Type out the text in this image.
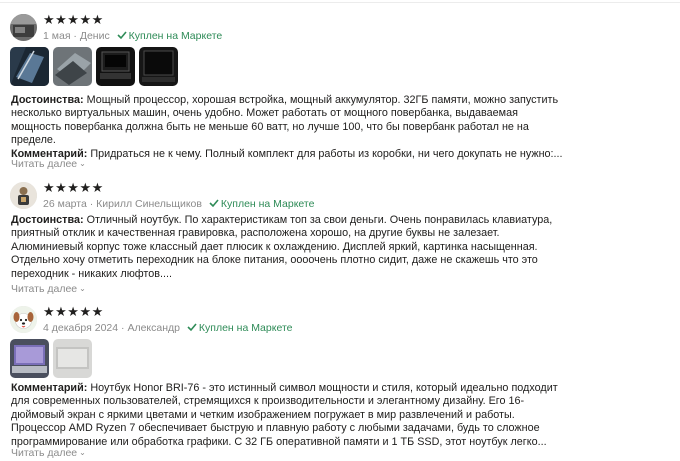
★★★★★
1 мая · Денис Куплен на Маркете
Достоинства: Мощный процессор, хорошая встройка, мощный аккумулятор. 32ГБ памяти, можно запустить
несколько виртуальных машин, очень удобно. Может работать от мощного повербанка, выдаваемая
мощность повербанка должна быть не меньше 60 ватт, но лучше 100, что бы повербанк работал не на
пределе.
Комментарий: Придраться не к чему. Полный комплект для работы из коробки, ни чего докупать не нужно:...
Читать далее ⌄
★★★★★
26 марта · Кирилл Синельщиков Куплен на Маркете
Достоинства: Отличный ноутбук. По характеристикам топ за свои деньги. Очень понравилась клавиатура,
приятный отклик и качественная гравировка, расположена хорошо, на другие буквы не залезает.
Алюминиевый корпус тоже классный дает плюсик к охлаждению. Дисплей яркий, картинка насыщенная.
Отдельно хочу отметить переходник на блоке питания, оооочень плотно сидит, даже не скажешь что это
переходник - никаких люфтов....
Читать далее ⌄
★★★★★
4 декабря 2024 · Александр Куплен на Маркете
Комментарий: Ноутбук Honor BRI-76 - это истинный символ мощности и стиля, который идеально подходит
для современных пользователей, стремящихся к производительности и элегантному дизайну. Его 16-
дюймовый экран с яркими цветами и четким изображением погружает в мир развлечений и работы.
Процессор AMD Ryzen 7 обеспечивает быструю и плавную работу с любыми задачами, будь то сложное
программирование или обработка графики. С 32 ГБ оперативной памяти и 1 ТБ SSD, этот ноутбук легко...
Читать далее ⌄
